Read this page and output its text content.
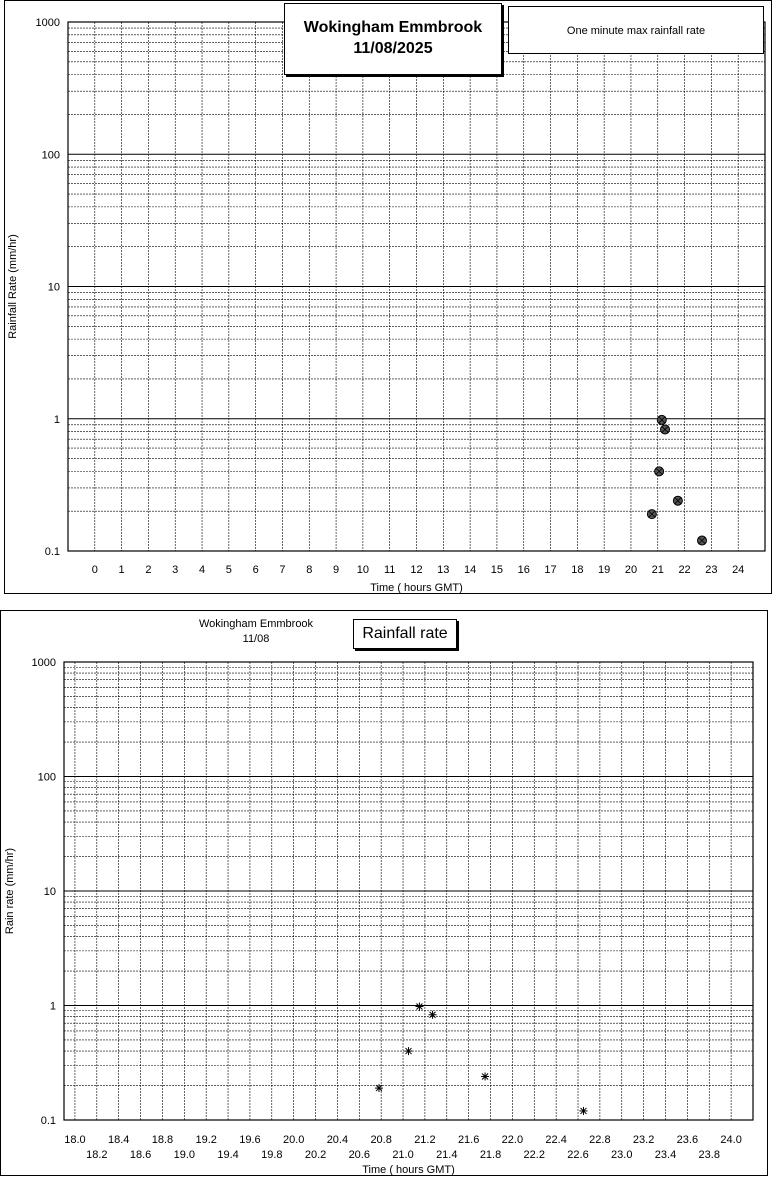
0 1 2 3 4 5 6 7 8 9 10 11 12 13 14 15 16 17 18 19 20 21 22 23 24
1000
100
10
1
0.1
Time ( hours GMT)
Rainfall Rate (mm/hr)
Wokingham Emmbrook
11/08/2025
One minute max rainfall rate
18.0
18.2
18.4
18.6
18.8
19.0
19.2
19.4
19.6
19.8
20.0
20.2
20.4
20.6
20.8
21.0
21.2
21.4
21.6
21.8
22.0
22.2
22.4
22.6
22.8
23.0
23.2
23.4
23.6
23.8
24.0
1000
100
10
1
0.1
Time ( hours GMT)
Rain rate (mm/hr)
Wokingham Emmbrook
11/08	Rainfall rate
